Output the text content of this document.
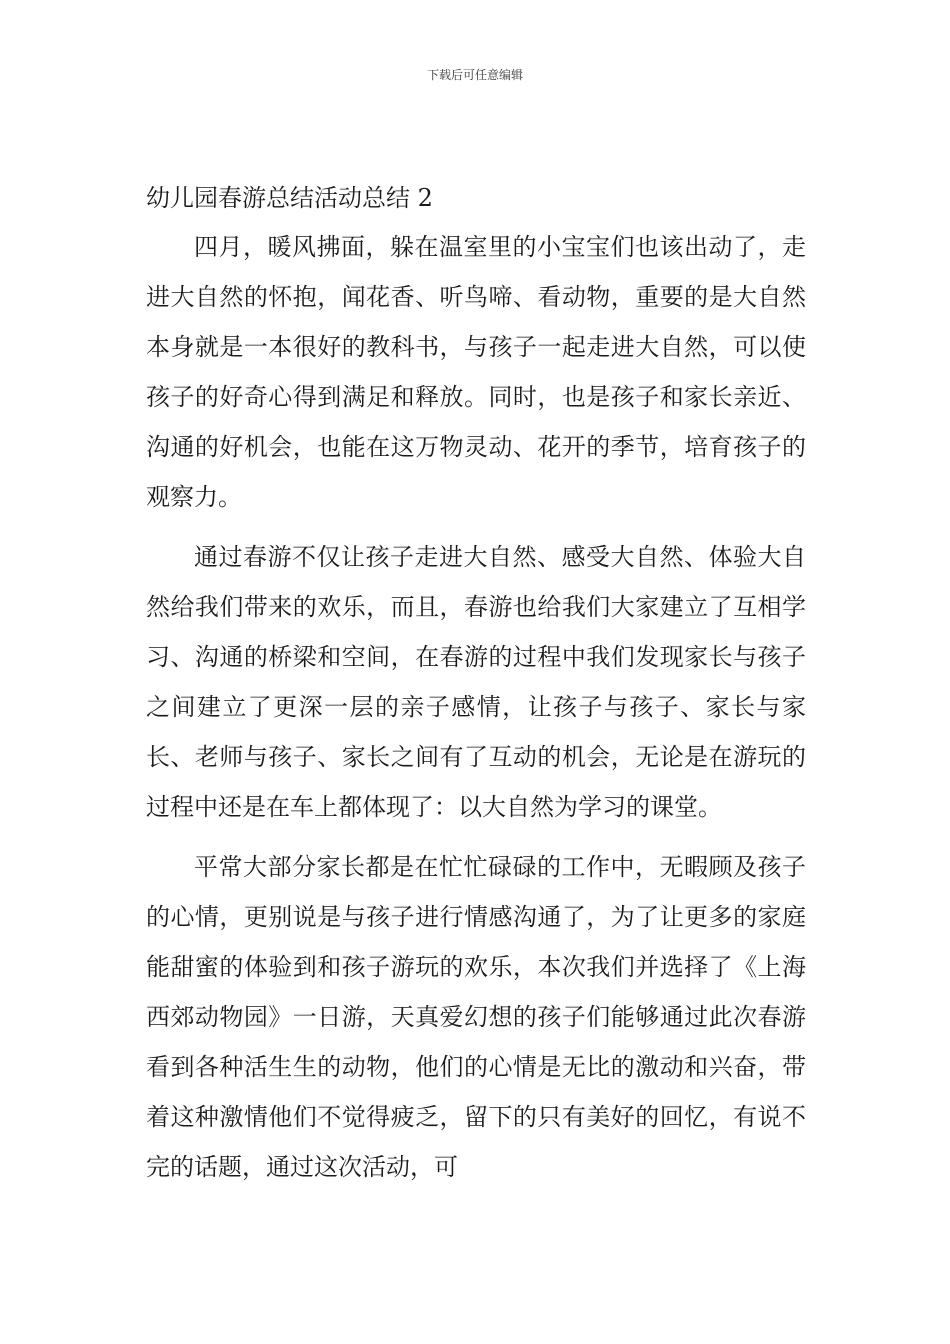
下载后可任意编辑
幼儿园春游总结活动总结 2

四月，暖风拂面，躲在温室里的小宝宝们也该出动了，走进大自然的怀抱，闻花香、听鸟啼、看动物，重要的是大自然本身就是一本很好的教科书，与孩子一起走进大自然，可以使孩子的好奇心得到满足和释放。同时，也是孩子和家长亲近、沟通的好机会，也能在这万物灵动、花开的季节，培育孩子的观察力。

通过春游不仅让孩子走进大自然、感受大自然、体验大自然给我们带来的欢乐，而且，春游也给我们大家建立了互相学习、沟通的桥梁和空间，在春游的过程中我们发现家长与孩子之间建立了更深一层的亲子感情，让孩子与孩子、家长与家长、老师与孩子、家长之间有了互动的机会，无论是在游玩的过程中还是在车上都体现了：以大自然为学习的课堂。

平常大部分家长都是在忙忙碌碌的工作中，无暇顾及孩子的心情，更别说是与孩子进行情感沟通了，为了让更多的家庭能甜蜜的体验到和孩子游玩的欢乐，本次我们并选择了《上海西郊动物园》一日游，天真爱幻想的孩子们能够通过此次春游看到各种活生生的动物，他们的心情是无比的激动和兴奋，带着这种激情他们不觉得疲乏，留下的只有美好的回忆，有说不完的话题，通过这次活动，可
